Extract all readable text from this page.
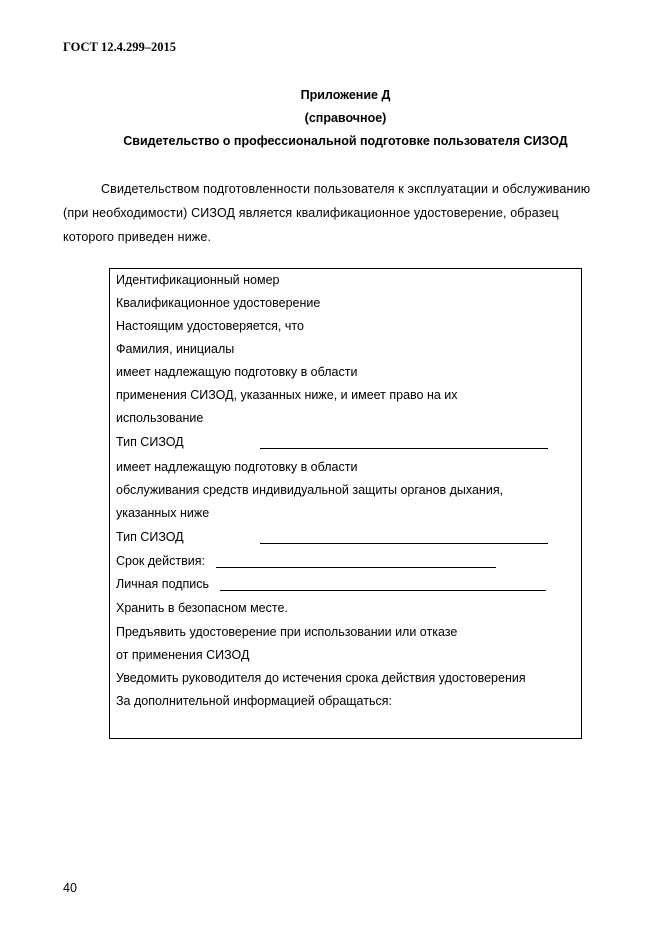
ГОСТ 12.4.299–2015
Приложение Д
(справочное)
Свидетельство о профессиональной подготовке пользователя СИЗОД
Свидетельством подготовленности пользователя к эксплуатации и обслуживанию
(при необходимости) СИЗОД является квалификационное удостоверение, образец
которого приведен ниже.
Идентификационный номер
Квалификационное удостоверение
Настоящим удостоверяется, что
Фамилия, инициалы
имеет надлежащую подготовку в области
применения СИЗОД, указанных ниже, и имеет право на их
использование
Тип СИЗОД
имеет надлежащую подготовку в области
обслуживания средств индивидуальной защиты органов дыхания,
указанных ниже
Тип СИЗОД
Срок действия:
Личная подпись
Хранить в безопасном месте.
Предъявить удостоверение при использовании или отказе
от применения СИЗОД
Уведомить руководителя до истечения срока действия удостоверения
За дополнительной информацией обращаться:
40
